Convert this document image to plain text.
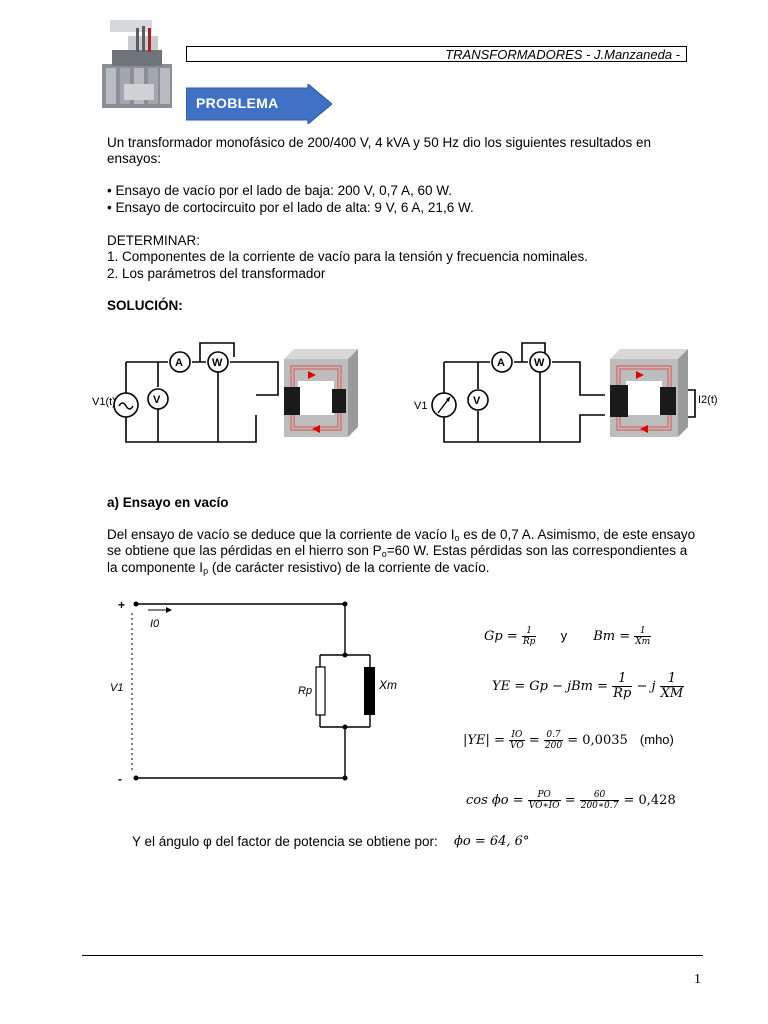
TRANSFORMADORES - J.Manzaneda -
PROBLEMA
Un transformador monofásico de 200/400 V, 4 kVA y 50 Hz dio los siguientes resultados en
ensayos:
• Ensayo de vacío por el lado de baja: 200 V, 0,7 A, 60 W.
• Ensayo de cortocircuito por el lado de alta: 9 V, 6 A, 21,6 W.
DETERMINAR:
1. Componentes de la corriente de vacío para la tensión y frecuencia nominales.
2. Los parámetros del transformador
SOLUCIÓN:
A	W
V
V1(t)
A	W
V
V1	I2(t)
a) Ensayo en vacío
Del ensayo de vacío se deduce que la corriente de vacío $I_o$ es de 0,7 A. Asimismo, de este ensayo
se obtiene que las pérdidas en el hierro son $P_o=60$ W. Estas pérdidas son las correspondientes a
la componente $I_p$ (de carácter resistivo) de la corriente de vacío.
+
-
I0
V1	Rp	Xm
$Gp = \frac{1}{Rp}$ y $Bm = \frac{1}{Xm}$
YE = Gp − jBm = $\frac{1}{Rp} - j \frac{1}{XM}$
$|YE| = \frac{IO}{VO} = \frac{0.7}{200} = 0,0035$ (mho)
$\cos \phi o = \frac{PO}{VO∗IO} = \frac{60}{200∗0.7} = 0,428$
Y el ángulo φ del factor de potencia se obtiene por: ϕo = 64, 6°
1
